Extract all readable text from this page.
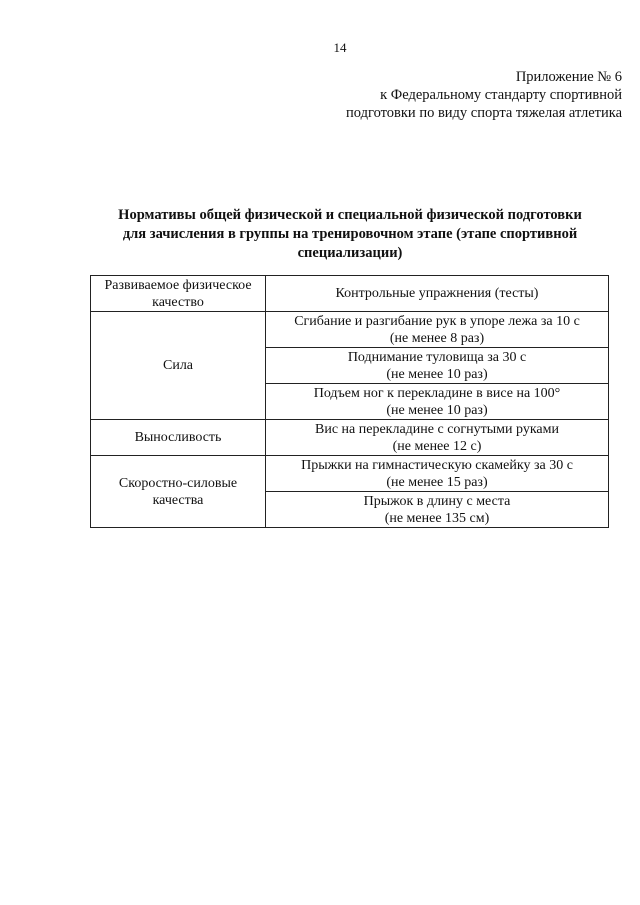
14
Приложение № 6
к Федеральному стандарту спортивной
подготовки по виду спорта тяжелая атлетика
Нормативы общей физической и специальной физической подготовки
для зачисления в группы на тренировочном этапе (этапе спортивной
специализации)
Развиваемое физическое
качество	Контрольные упражнения (тесты)

Сила	Сгибание и разгибание рук в упоре лежа за 10 с
(не менее 8 раз)

	Поднимание туловища за 30 с
(не менее 10 раз)

	Подъем ног к перекладине в висе на 100°
(не менее 10 раз)

Выносливость	Вис на перекладине с согнутыми руками
(не менее 12 с)

Скоростно-силовые
качества	Прыжки на гимнастическую скамейку за 30 с
(не менее 15 раз)

	Прыжок в длину с места
(не менее 135 см)
